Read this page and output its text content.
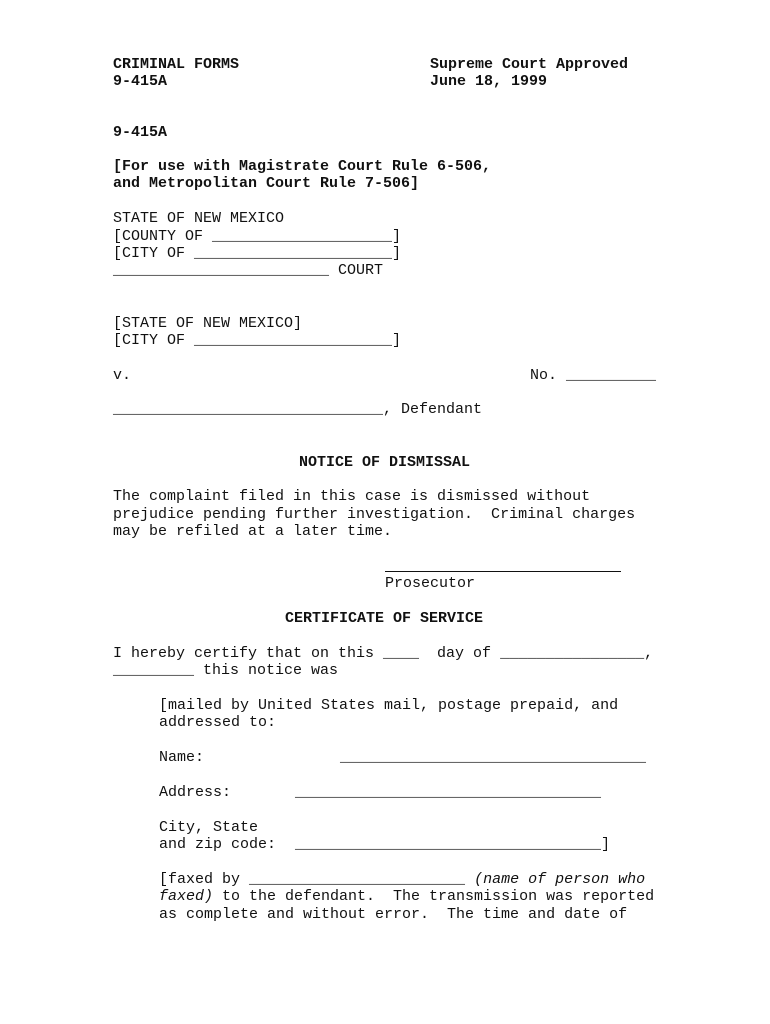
CRIMINAL FORMS
9-415A
Supreme Court Approved
June 18, 1999
9-415A
[For use with Magistrate Court Rule 6-506,
and Metropolitan Court Rule 7-506]
STATE OF NEW MEXICO
[COUNTY OF ____________________]
[CITY OF ______________________]
________________________ COURT
[STATE OF NEW MEXICO]
[CITY OF ______________________]
v.	No. __________
______________________________, Defendant
NOTICE OF DISMISSAL
The complaint filed in this case is dismissed without
prejudice pending further investigation.  Criminal charges
may be refiled at a later time.
Prosecutor
CERTIFICATE OF SERVICE
I hereby certify that on this ____  day of ________________,
_________ this notice was
[mailed by United States mail, postage prepaid, and
addressed to:
Name:	__________________________________
Address:	__________________________________
City, State
and zip code: __________________________________]
[faxed by ________________________ (name of person who
faxed) to the defendant.  The transmission was reported
as complete and without error.  The time and date of
